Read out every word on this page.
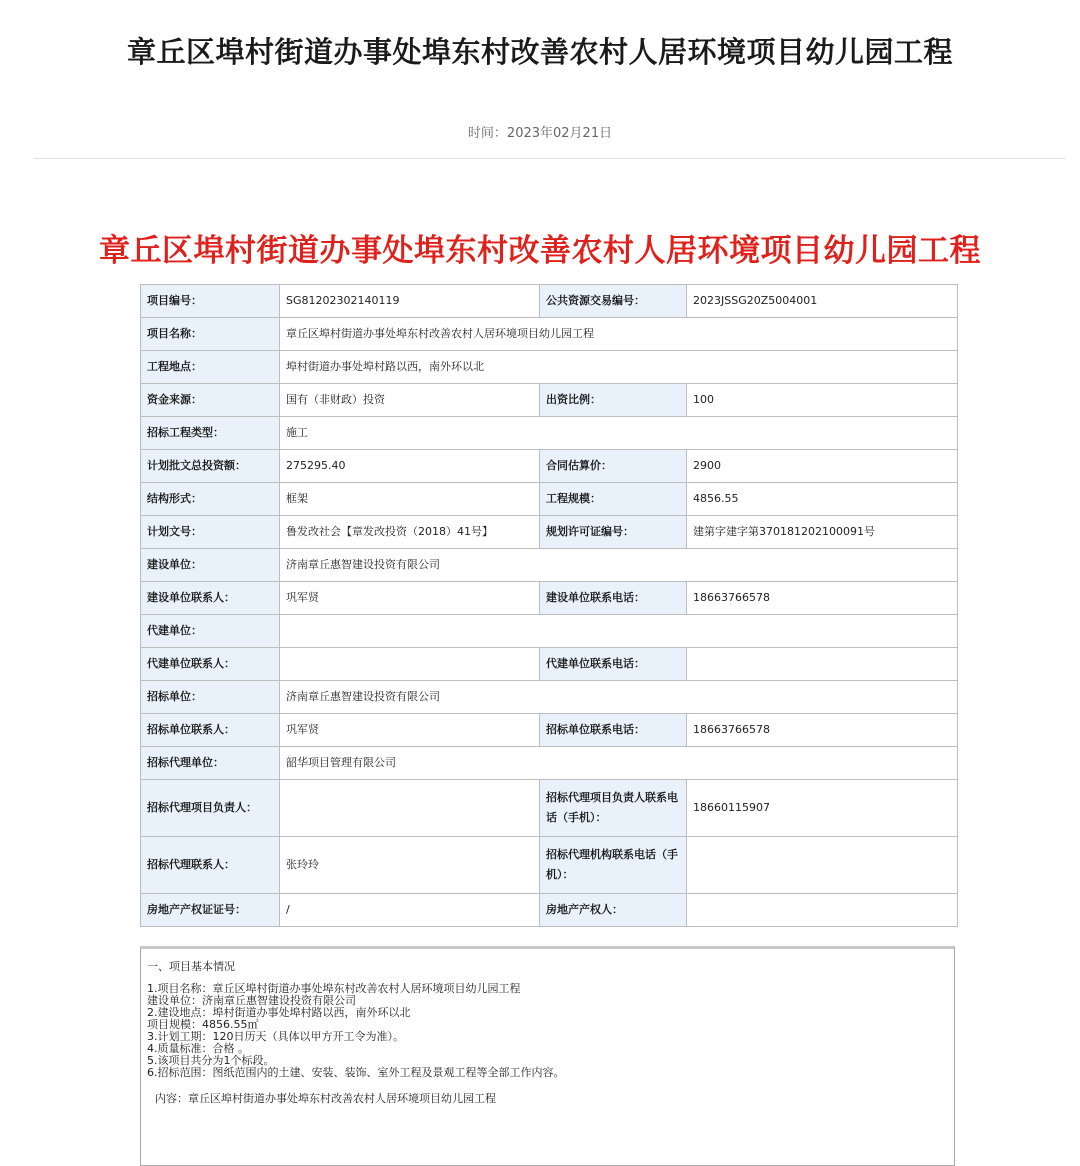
章丘区埠村街道办事处埠东村改善农村人居环境项目幼儿园工程
时间：2023年02月21日
章丘区埠村街道办事处埠东村改善农村人居环境项目幼儿园工程
项目编号：	SG81202302140119	公共资源交易编号：	2023JSSG20Z5004001
项目名称：	章丘区埠村街道办事处埠东村改善农村人居环境项目幼儿园工程		
工程地点：	埠村街道办事处埠村路以西，南外环以北		
资金来源：	国有（非财政）投资	出资比例：	100
招标工程类型：	施工		
计划批文总投资额：	275295.40	合同估算价：	2900
结构形式：	框架	工程规模：	4856.55
计划文号：	鲁发改社会【章发改投资（2018）41号】	规划许可证编号：	建第字建字第370181202100091号
建设单位：	济南章丘惠智建设投资有限公司		
建设单位联系人：	巩军贤	建设单位联系电话：	18663766578
代建单位：			
代建单位联系人：		代建单位联系电话：	
招标单位：	济南章丘惠智建设投资有限公司		
招标单位联系人：	巩军贤	招标单位联系电话：	18663766578
招标代理单位：	韶华项目管理有限公司		
招标代理项目负责人：		招标代理项目负责人联系电话（手机）：	18660115907
招标代理联系人：	张玲玲	招标代理机构联系电话（手机）：	
房地产产权证证号：	/	房地产产权人：	
一、项目基本情况
1.项目名称：章丘区埠村街道办事处埠东村改善农村人居环境项目幼儿园工程
建设单位：济南章丘惠智建设投资有限公司
2.建设地点：埠村街道办事处埠村路以西，南外环以北
项目规模：4856.55㎡
3.计划工期：120日历天（具体以甲方开工令为准）。
4.质量标准：合格 。
5.该项目共分为1个标段。
6.招标范围：图纸范围内的土建、安装、装饰、室外工程及景观工程等全部工作内容。
内容：章丘区埠村街道办事处埠东村改善农村人居环境项目幼儿园工程
